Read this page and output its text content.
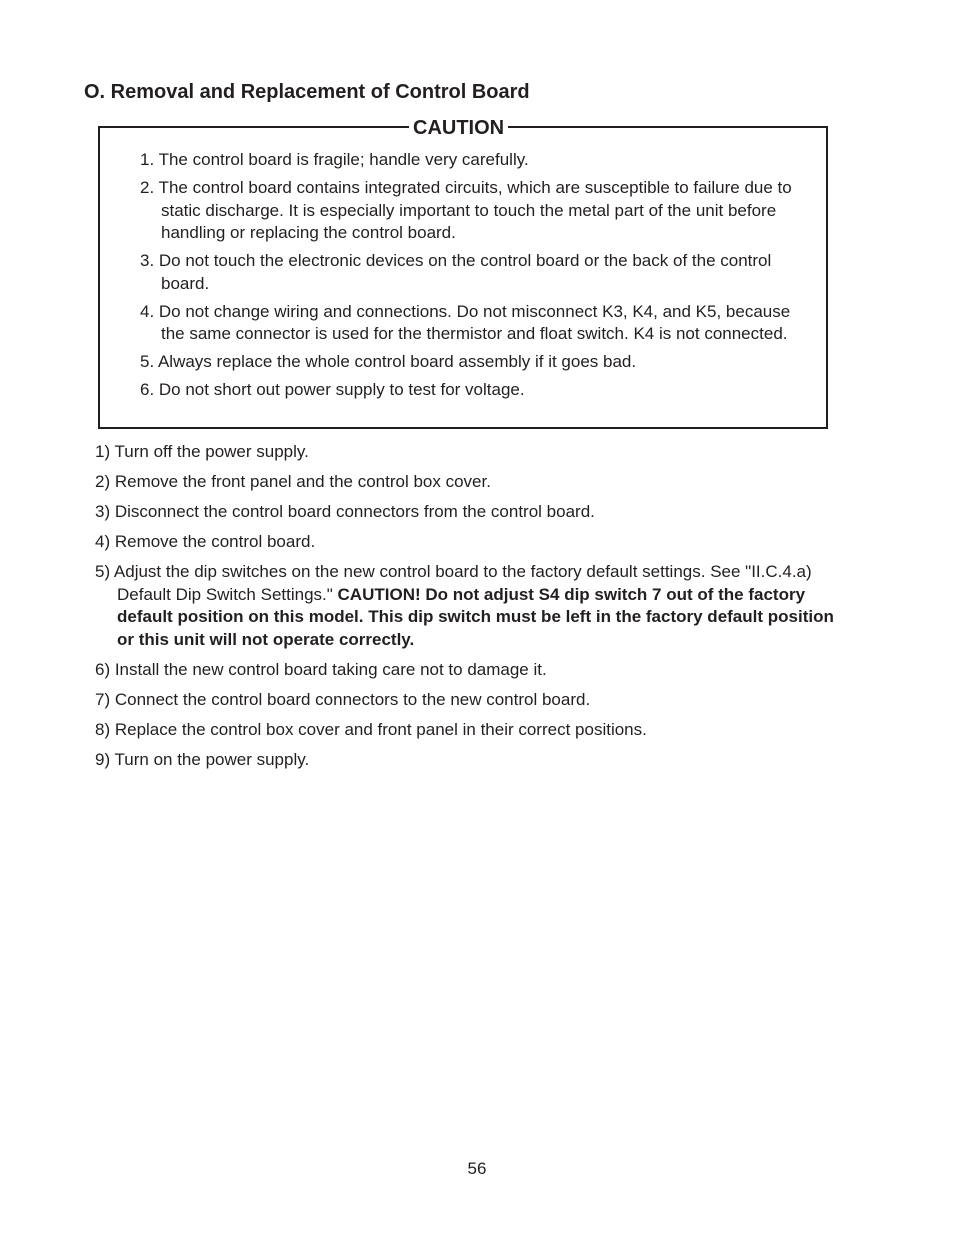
O. Removal and Replacement of Control Board
CAUTION
1. The control board is fragile; handle very carefully.
2. The control board contains integrated circuits, which are susceptible to failure due to static discharge. It is especially important to touch the metal part of the unit before handling or replacing the control board.
3. Do not touch the electronic devices on the control board or the back of the control board.
4. Do not change wiring and connections. Do not misconnect K3, K4, and K5, because the same connector is used for the thermistor and float switch. K4 is not connected.
5. Always replace the whole control board assembly if it goes bad.
6. Do not short out power supply to test for voltage.
1) Turn off the power supply.
2) Remove the front panel and the control box cover.
3) Disconnect the control board connectors from the control board.
4) Remove the control board.
5) Adjust the dip switches on the new control board to the factory default settings. See "II.C.4.a) Default Dip Switch Settings." CAUTION! Do not adjust S4 dip switch 7 out of the factory default position on this model. This dip switch must be left in the factory default position or this unit will not operate correctly.
6) Install the new control board taking care not to damage it.
7) Connect the control board connectors to the new control board.
8) Replace the control box cover and front panel in their correct positions.
9) Turn on the power supply.
56
